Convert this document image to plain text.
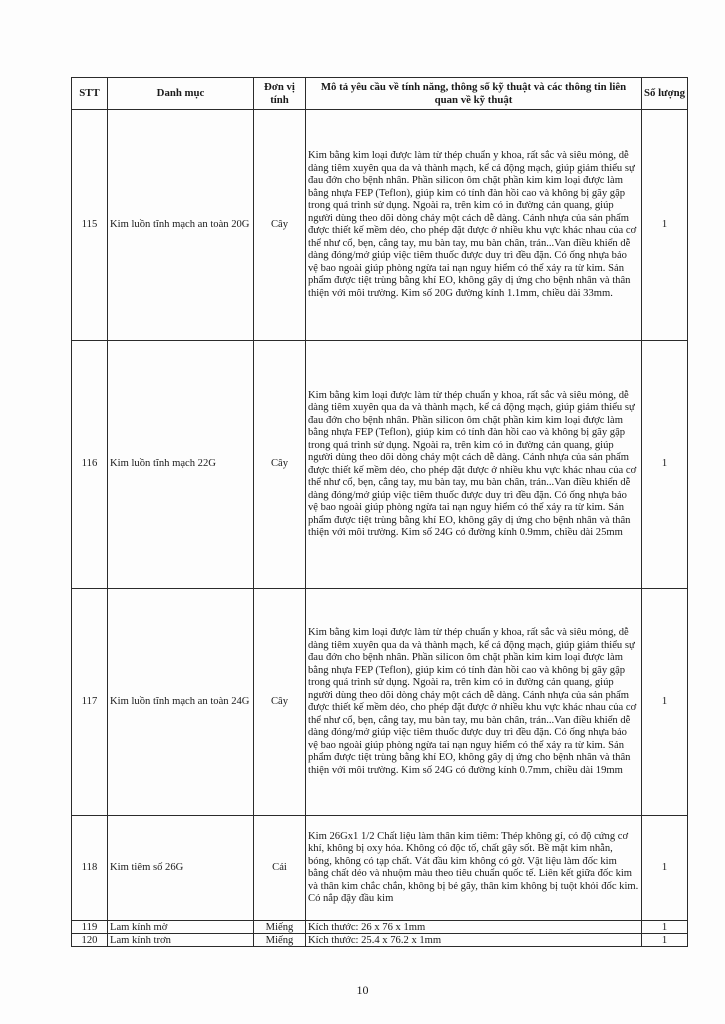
STT	Danh mục	Đơn vị tính	Mô tả yêu cầu về tính năng, thông số kỹ thuật và các thông tin liên quan về kỹ thuật	Số lượng
115	Kim luồn tĩnh mạch an toàn 20G	Cây	Kim bằng kim loại được làm từ thép chuẩn y khoa, rất sắc và siêu mỏng, dễ dàng tiêm xuyên qua da và thành mạch, kể cả động mạch, giúp giảm thiểu sự đau đớn cho bệnh nhân. Phần silicon ôm chặt phần kim kim loại được làm bằng nhựa FEP (Teflon), giúp kim có tính đàn hồi cao và không bị gãy gập trong quá trình sử dụng. Ngoài ra, trên kim có in đường cản quang, giúp người dùng theo dõi dòng chảy một cách dễ dàng. Cánh nhựa của sản phẩm được thiết kế mềm dẻo, cho phép đặt được ở nhiều khu vực khác nhau của cơ thể như cổ, bẹn, cẳng tay, mu bàn tay, mu bàn chân, trán...Van điều khiển dễ dàng đóng/mở giúp việc tiêm thuốc được duy trì đều đặn. Có ống nhựa bảo vệ bao ngoài giúp phòng ngừa tai nạn nguy hiểm có thể xảy ra từ kim. Sản phẩm được tiệt trùng bằng khí EO, không gây dị ứng cho bệnh nhân và thân thiện với môi trường. Kim số 20G đường kính 1.1mm, chiều dài 33mm.	1
116	Kim luồn tĩnh mạch 22G	Cây	Kim bằng kim loại được làm từ thép chuẩn y khoa, rất sắc và siêu mỏng, dễ dàng tiêm xuyên qua da và thành mạch, kể cả động mạch, giúp giảm thiểu sự đau đớn cho bệnh nhân. Phần silicon ôm chặt phần kim kim loại được làm bằng nhựa FEP (Teflon), giúp kim có tính đàn hồi cao và không bị gãy gập trong quá trình sử dụng. Ngoài ra, trên kim có in đường cản quang, giúp người dùng theo dõi dòng chảy một cách dễ dàng. Cánh nhựa của sản phẩm được thiết kế mềm dẻo, cho phép đặt được ở nhiều khu vực khác nhau của cơ thể như cổ, bẹn, cẳng tay, mu bàn tay, mu bàn chân, trán...Van điều khiển dễ dàng đóng/mở giúp việc tiêm thuốc được duy trì đều đặn. Có ống nhựa bảo vệ bao ngoài giúp phòng ngừa tai nạn nguy hiểm có thể xảy ra từ kim. Sản phẩm được tiệt trùng bằng khí EO, không gây dị ứng cho bệnh nhân và thân thiện với môi trường. Kim số 24G có đường kính 0.9mm, chiều dài 25mm	1
117	Kim luồn tĩnh mạch an toàn 24G	Cây	Kim bằng kim loại được làm từ thép chuẩn y khoa, rất sắc và siêu mỏng, dễ dàng tiêm xuyên qua da và thành mạch, kể cả động mạch, giúp giảm thiểu sự đau đớn cho bệnh nhân. Phần silicon ôm chặt phần kim kim loại được làm bằng nhựa FEP (Teflon), giúp kim có tính đàn hồi cao và không bị gãy gập trong quá trình sử dụng. Ngoài ra, trên kim có in đường cản quang, giúp người dùng theo dõi dòng chảy một cách dễ dàng. Cánh nhựa của sản phẩm được thiết kế mềm dẻo, cho phép đặt được ở nhiều khu vực khác nhau của cơ thể như cổ, bẹn, cẳng tay, mu bàn tay, mu bàn chân, trán...Van điều khiển dễ dàng đóng/mở giúp việc tiêm thuốc được duy trì đều đặn. Có ống nhựa bảo vệ bao ngoài giúp phòng ngừa tai nạn nguy hiểm có thể xảy ra từ kim. Sản phẩm được tiệt trùng bằng khí EO, không gây dị ứng cho bệnh nhân và thân thiện với môi trường. Kim số 24G có đường kính 0.7mm, chiều dài 19mm	1
118	Kim tiêm số 26G	Cái	Kim 26Gx1 1/2 Chất liệu làm thân kim tiêm: Thép không gỉ, có độ cứng cơ khí, không bị oxy hóa. Không có độc tố, chất gây sốt. Bề mặt kim nhẵn, bóng, không có tạp chất. Vát đầu kim không có gờ. Vật liệu làm đốc kim bằng chất dẻo và nhuộm màu theo tiêu chuẩn quốc tế. Liên kết giữa đốc kim và thân kim chắc chắn, không bị bẻ gãy, thân kim không bị tuột khỏi đốc kim. Có nắp đậy đầu kim	1
119	Lam kính mờ	Miếng	Kích thước: 26 x 76 x 1mm	1
120	Lam kính trơn	Miếng	Kích thước: 25.4 x 76.2 x 1mm	1
10
